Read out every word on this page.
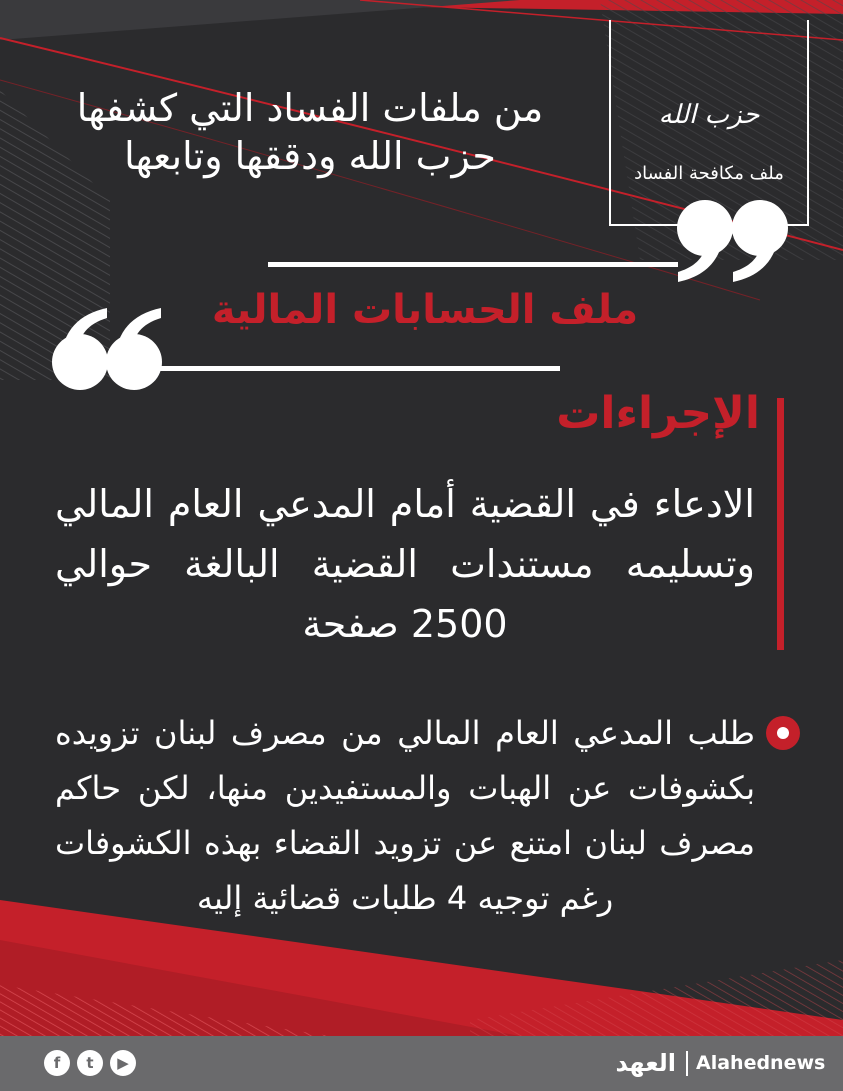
حزب الله
ملف مكافحة الفساد
من ملفات الفساد التي كشفها
حزب الله ودققها وتابعها
ملف الحسابات المالية
الإجراءات
الادعاء في القضية أمام المدعي العام المالي وتسليمه مستندات القضية البالغة حوالي 2500 صفحة
طلب المدعي العام المالي من مصرف لبنان تزويده بكشوفات عن الهبات والمستفيدين منها، لكن حاكم مصرف لبنان امتنع عن تزويد القضاء بهذه الكشوفات رغم توجيه 4 طلبات قضائية إليه
f	t	▶	العهد Alahednews
